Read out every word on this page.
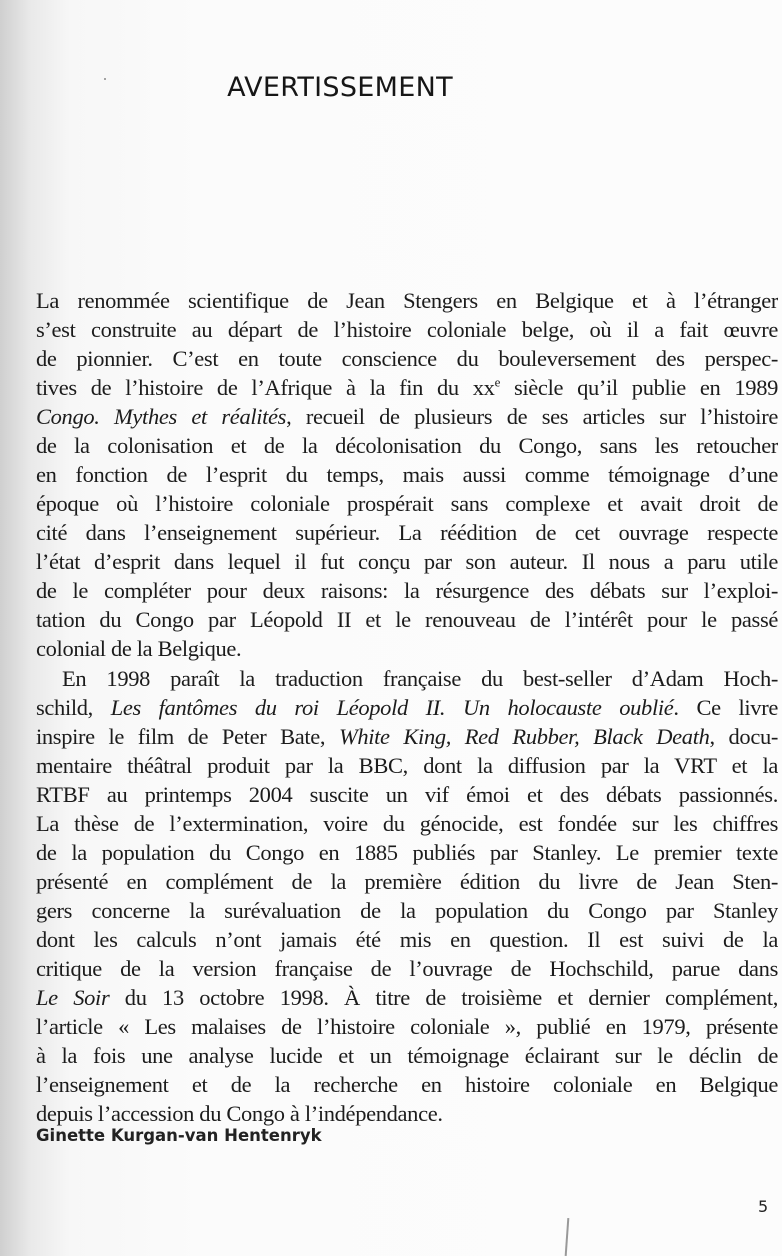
AVERTISSEMENT
La renommée scientifique de Jean Stengers en Belgique et à l’étranger
s’est construite au départ de l’histoire coloniale belge, où il a fait œuvre
de pionnier. C’est en toute conscience du bouleversement des perspec-
tives de l’histoire de l’Afrique à la fin du $xx^e$ siècle qu’il publie en 1989
Congo. Mythes et réalités, recueil de plusieurs de ses articles sur l’histoire
de la colonisation et de la décolonisation du Congo, sans les retoucher
en fonction de l’esprit du temps, mais aussi comme témoignage d’une
époque où l’histoire coloniale prospérait sans complexe et avait droit de
cité dans l’enseignement supérieur. La réédition de cet ouvrage respecte
l’état d’esprit dans lequel il fut conçu par son auteur. Il nous a paru utile
de le compléter pour deux raisons: la résurgence des débats sur l’exploi-
tation du Congo par Léopold II et le renouveau de l’intérêt pour le passé
colonial de la Belgique.
En 1998 paraît la traduction française du best-seller d’Adam Hoch-
schild, Les fantômes du roi Léopold II. Un holocauste oublié. Ce livre
inspire le film de Peter Bate, White King, Red Rubber, Black Death, docu-
mentaire théâtral produit par la BBC, dont la diffusion par la VRT et la
RTBF au printemps 2004 suscite un vif émoi et des débats passionnés.
La thèse de l’extermination, voire du génocide, est fondée sur les chiffres
de la population du Congo en 1885 publiés par Stanley. Le premier texte
présenté en complément de la première édition du livre de Jean Sten-
gers concerne la surévaluation de la population du Congo par Stanley
dont les calculs n’ont jamais été mis en question. Il est suivi de la
critique de la version française de l’ouvrage de Hochschild, parue dans
Le Soir du 13 octobre 1998. À titre de troisième et dernier complément,
l’article « Les malaises de l’histoire coloniale », publié en 1979, présente
à la fois une analyse lucide et un témoignage éclairant sur le déclin de
l’enseignement et de la recherche en histoire coloniale en Belgique
depuis l’accession du Congo à l’indépendance.
Ginette Kurgan-van Hentenryk
5
